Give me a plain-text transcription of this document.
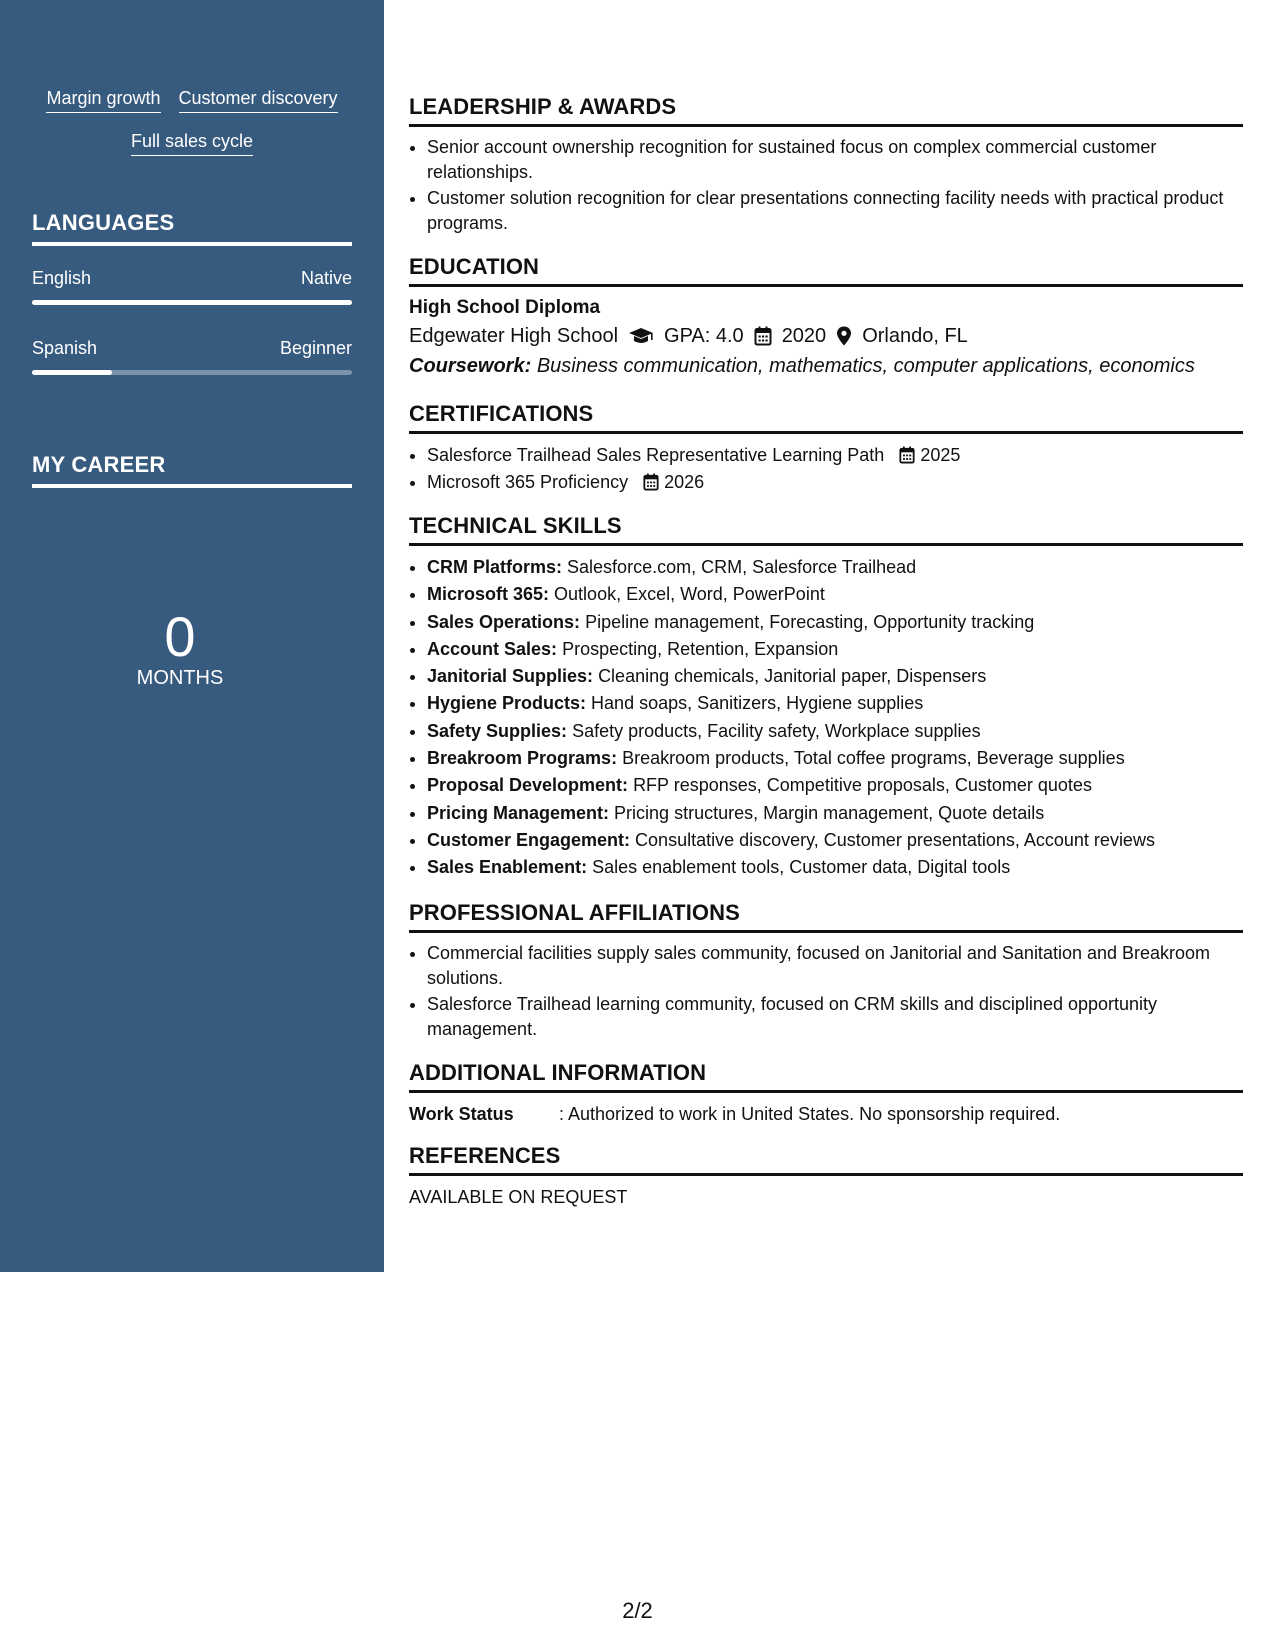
Margin growth Customer discovery
Full sales cycle
LANGUAGES
English	Native
Spanish	Beginner
MY CAREER
0
MONTHS
LEADERSHIP & AWARDS
• Senior account ownership recognition for sustained focus on complex commercial customer relationships.
• Customer solution recognition for clear presentations connecting facility needs with practical product programs.
EDUCATION
High School Diploma
Edgewater High School GPA: 4.0 2020 Orlando, FL
Coursework: Business communication, mathematics, computer applications, economics
CERTIFICATIONS
• Salesforce Trailhead Sales Representative Learning Path 2025
• Microsoft 365 Proficiency 2026
TECHNICAL SKILLS
• CRM Platforms: Salesforce.com, CRM, Salesforce Trailhead
• Microsoft 365: Outlook, Excel, Word, PowerPoint
• Sales Operations: Pipeline management, Forecasting, Opportunity tracking
• Account Sales: Prospecting, Retention, Expansion
• Janitorial Supplies: Cleaning chemicals, Janitorial paper, Dispensers
• Hygiene Products: Hand soaps, Sanitizers, Hygiene supplies
• Safety Supplies: Safety products, Facility safety, Workplace supplies
• Breakroom Programs: Breakroom products, Total coffee programs, Beverage supplies
• Proposal Development: RFP responses, Competitive proposals, Customer quotes
• Pricing Management: Pricing structures, Margin management, Quote details
• Customer Engagement: Consultative discovery, Customer presentations, Account reviews
• Sales Enablement: Sales enablement tools, Customer data, Digital tools
PROFESSIONAL AFFILIATIONS
• Commercial facilities supply sales community, focused on Janitorial and Sanitation and Breakroom solutions.
• Salesforce Trailhead learning community, focused on CRM skills and disciplined opportunity management.
ADDITIONAL INFORMATION
Work Status	: Authorized to work in United States. No sponsorship required.
REFERENCES
AVAILABLE ON REQUEST
2/2
